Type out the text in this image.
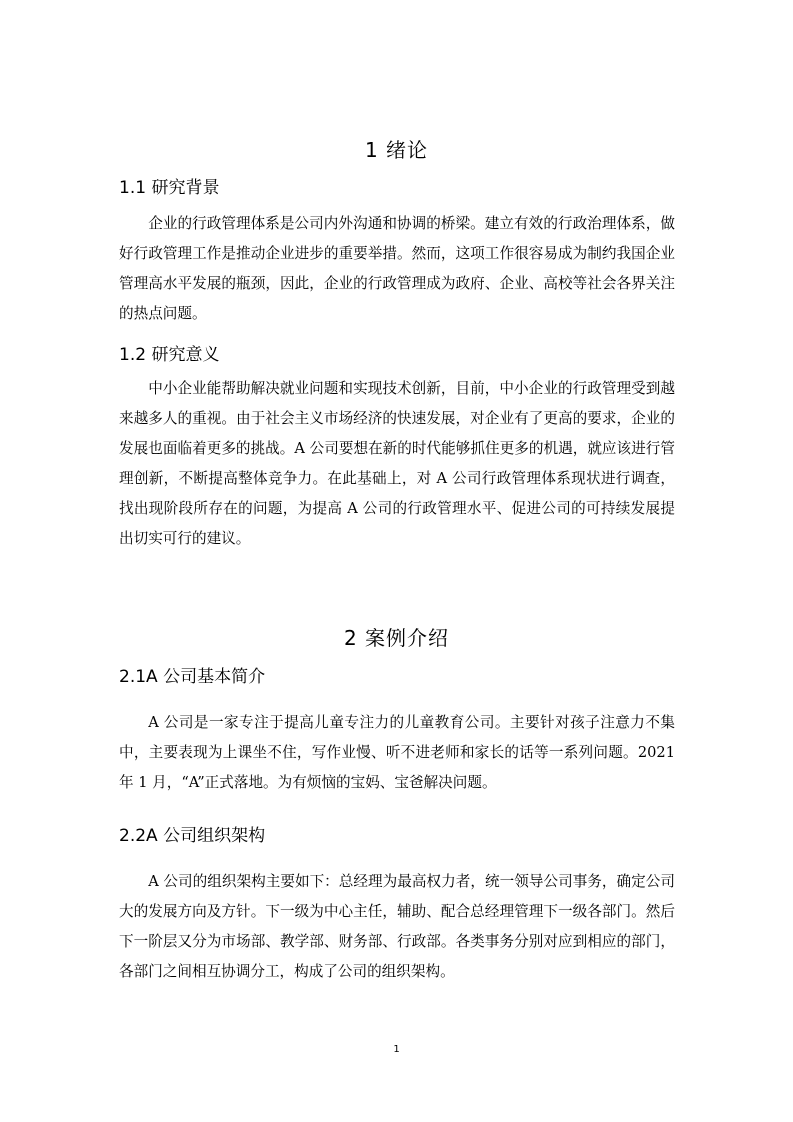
1 绪论
1.1 研究背景

企业的行政管理体系是公司内外沟通和协调的桥梁。建立有效的行政治理体系，做好行政管理工作是推动企业进步的重要举措。然而，这项工作很容易成为制约我国企业管理高水平发展的瓶颈，因此，企业的行政管理成为政府、企业、高校等社会各界关注的热点问题。

1.2 研究意义

中小企业能帮助解决就业问题和实现技术创新，目前，中小企业的行政管理受到越来越多人的重视。由于社会主义市场经济的快速发展，对企业有了更高的要求，企业的发展也面临着更多的挑战。A 公司要想在新的时代能够抓住更多的机遇，就应该进行管理创新，不断提高整体竞争力。在此基础上，对 A 公司行政管理体系现状进行调查，找出现阶段所存在的问题，为提高 A 公司的行政管理水平、促进公司的可持续发展提出切实可行的建议。

2 案例介绍
2.1A 公司基本简介

A 公司是一家专注于提高儿童专注力的儿童教育公司。主要针对孩子注意力不集中，主要表现为上课坐不住，写作业慢、听不进老师和家长的话等一系列问题。2021 年 1 月，“A”正式落地。为有烦恼的宝妈、宝爸解决问题。

2.2A 公司组织架构

A 公司的组织架构主要如下：总经理为最高权力者，统一领导公司事务，确定公司大的发展方向及方针。下一级为中心主任，辅助、配合总经理管理下一级各部门。然后下一阶层又分为市场部、教学部、财务部、行政部。各类事务分别对应到相应的部门，各部门之间相互协调分工，构成了公司的组织架构。

1
